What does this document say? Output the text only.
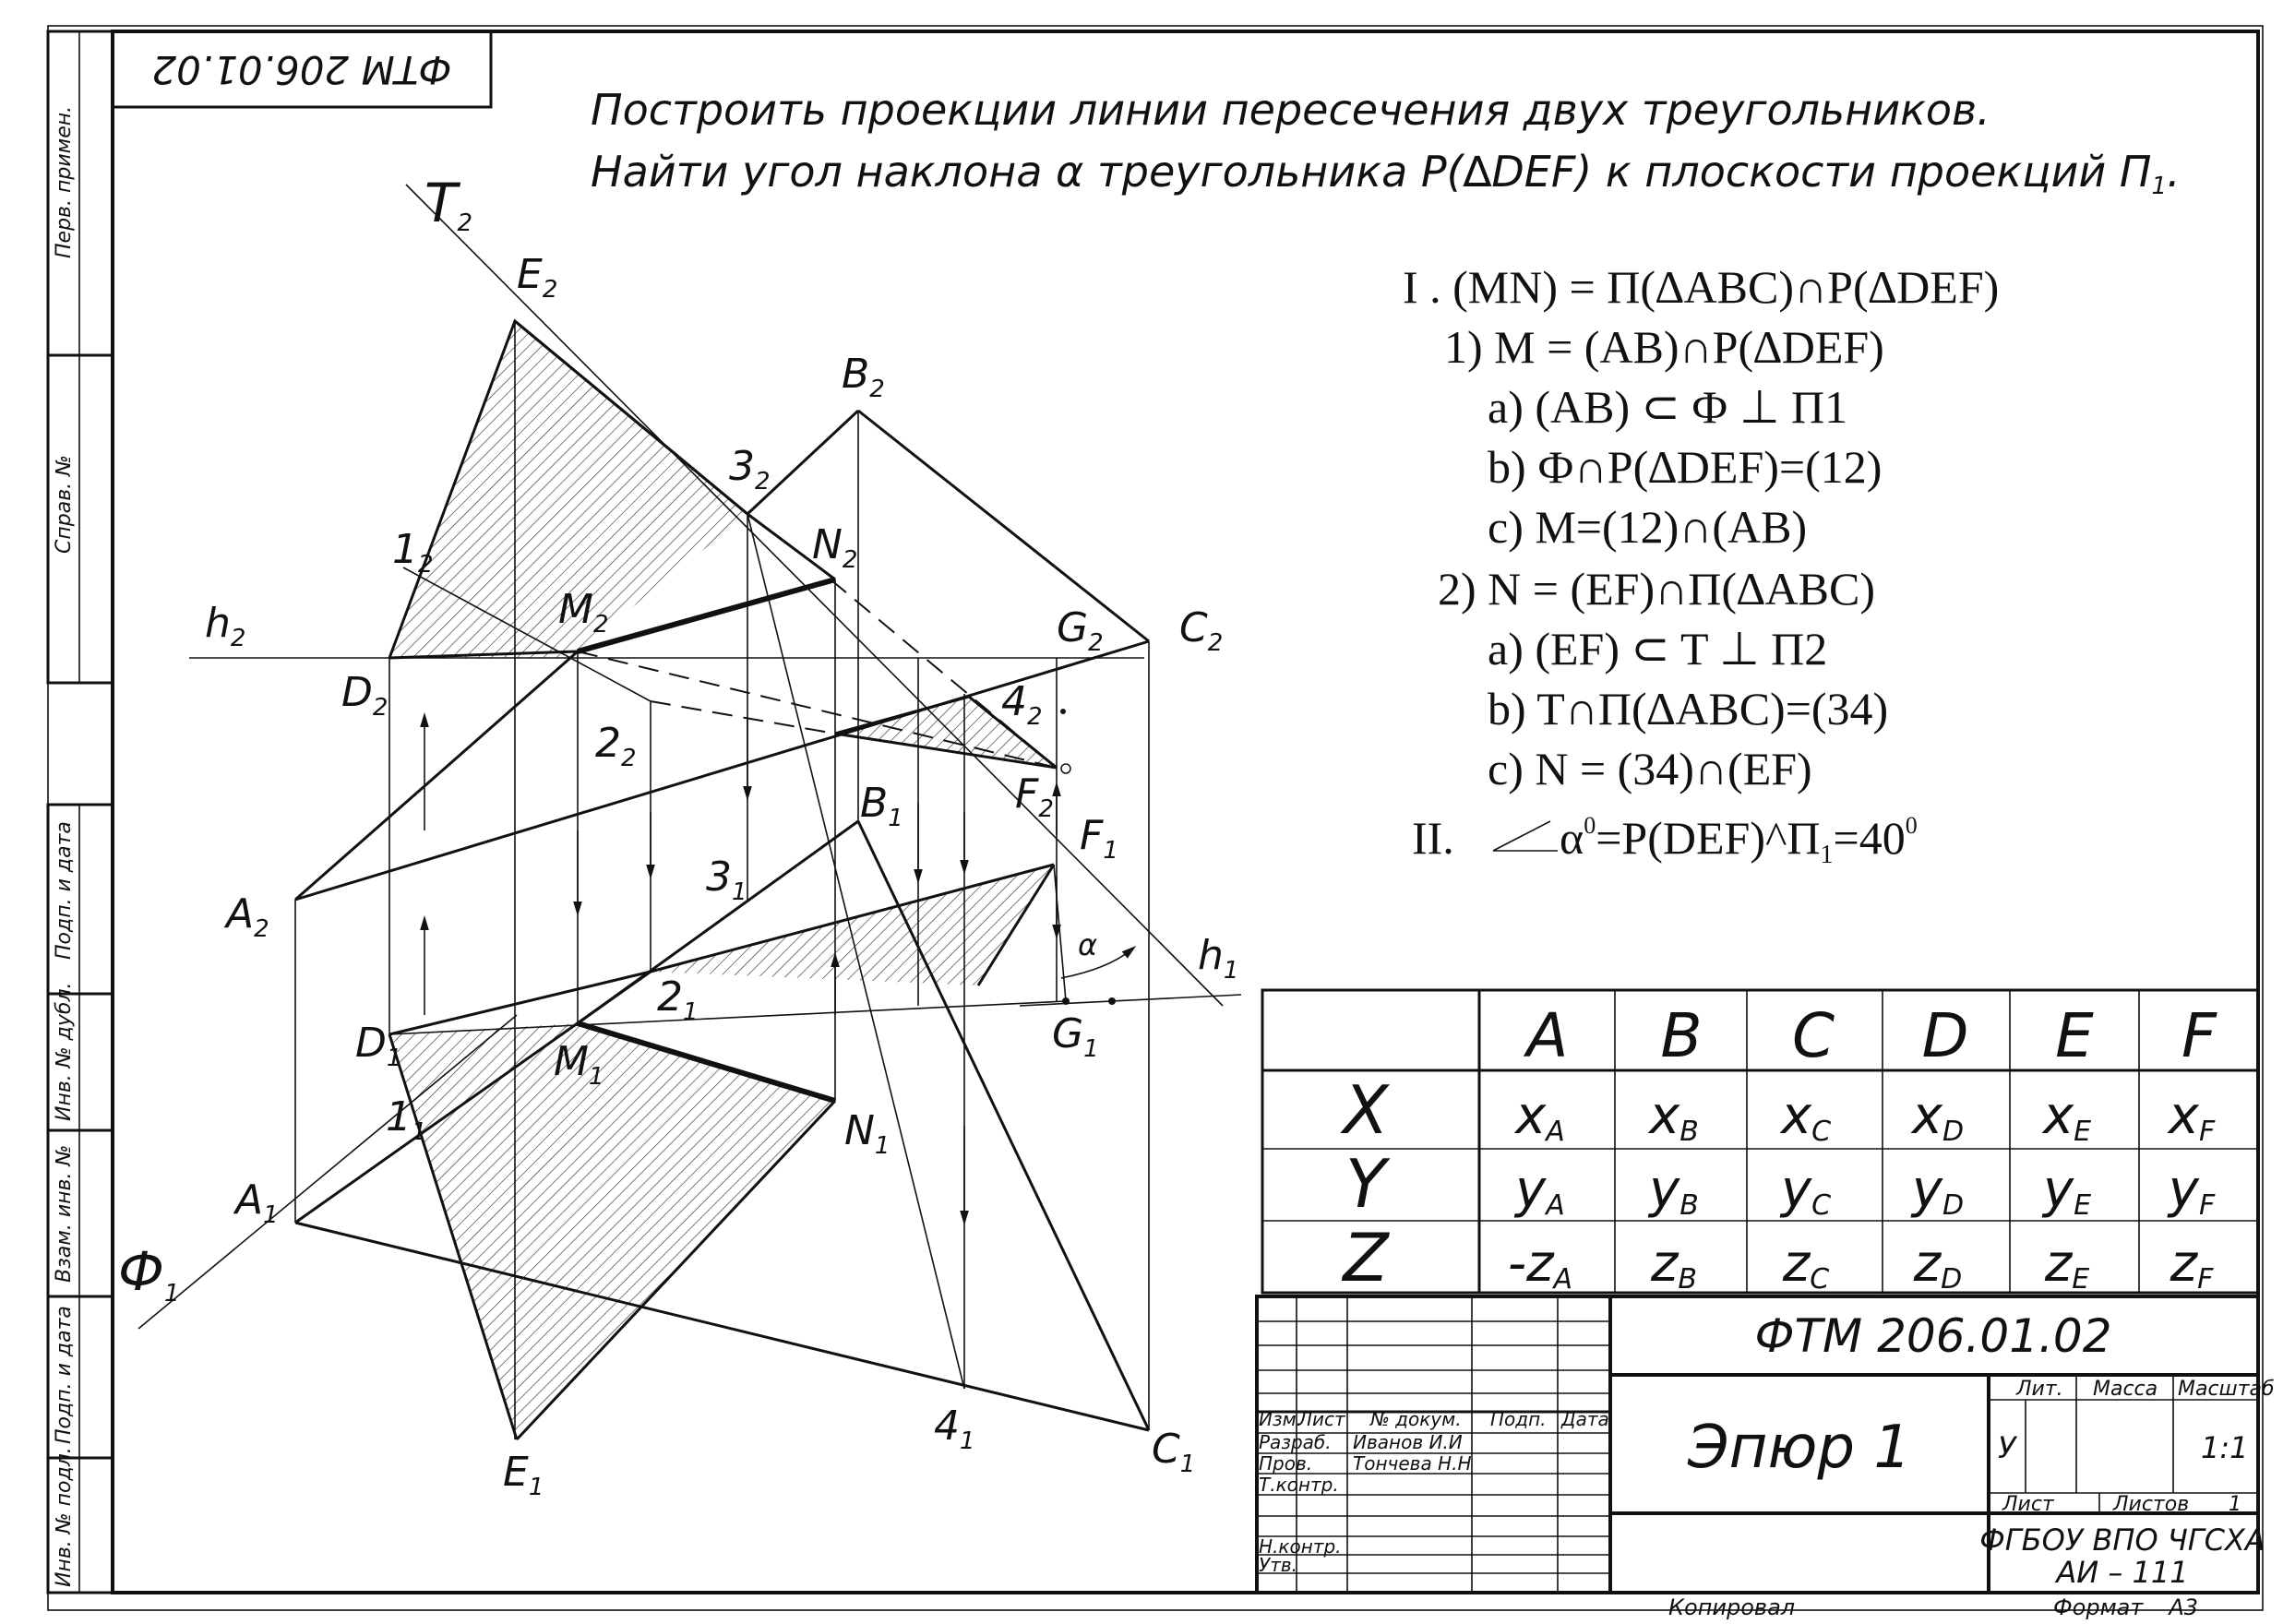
Перв. примен.
Справ. №
Подп. и дата
Инв. № дубл.
Взам. инв. №
Подп. и дата
Инв. № подл.
ФТМ 206.01.02
Построить проекции линии пересечения двух треугольников.
Найти угол наклона α треугольника P(∆DEF) к плоскости проекций П1.
I . (MN) = Π(∆ABC)∩P(∆DEF)
1) M = (AB)∩P(∆DEF)
a) (AB) ⊂ Ф ⊥ П1
b) Ф∩P(∆DEF)=(12)
c) M=(12)∩(AB)
2) N = (EF)∩Π(∆ABC)
a) (EF) ⊂ T ⊥ П2
b) T∩Π(∆ABC)=(34)
c) N = (34)∩(EF)
II. $\alpha^0=P(DEF)\^{}\Pi_1=40^0$
T2
$E_2$
$B_2$
$3_2$
$N_2$
$1_2$
$M_2$
$h_2$	$G_2$ $C_2$
$D_2$
$2_2$
$4_2$
$F_2$
$B_1$	$F_1$
$A_2$
$3_1$
α $h_1$
$2_1$
$D_1$	$M_1$
$G_1$
$1_1$	$N_1$
$A_1$
$Ф_1$
$4_1$	$C_1$
$E_1$
A B C D E F
X xA xB xC xD xE xF
Y	yA yB yC yD yE yF
Z -zA zB zC zD zE zF
Изм.
Лист № докум. Подп. Дата
Разраб. Иванов И.И
Пров. Тончева Н.Н
Т.контр.
Н.контр.
Утв.
Лит. Масса Масштаб
У	1:1
Лист	Листов 1
ФТМ 206.01.02
Эпюр 1
ФГБОУ ВПО ЧГСХА
АИ – 111
Копировал	Формат А3
